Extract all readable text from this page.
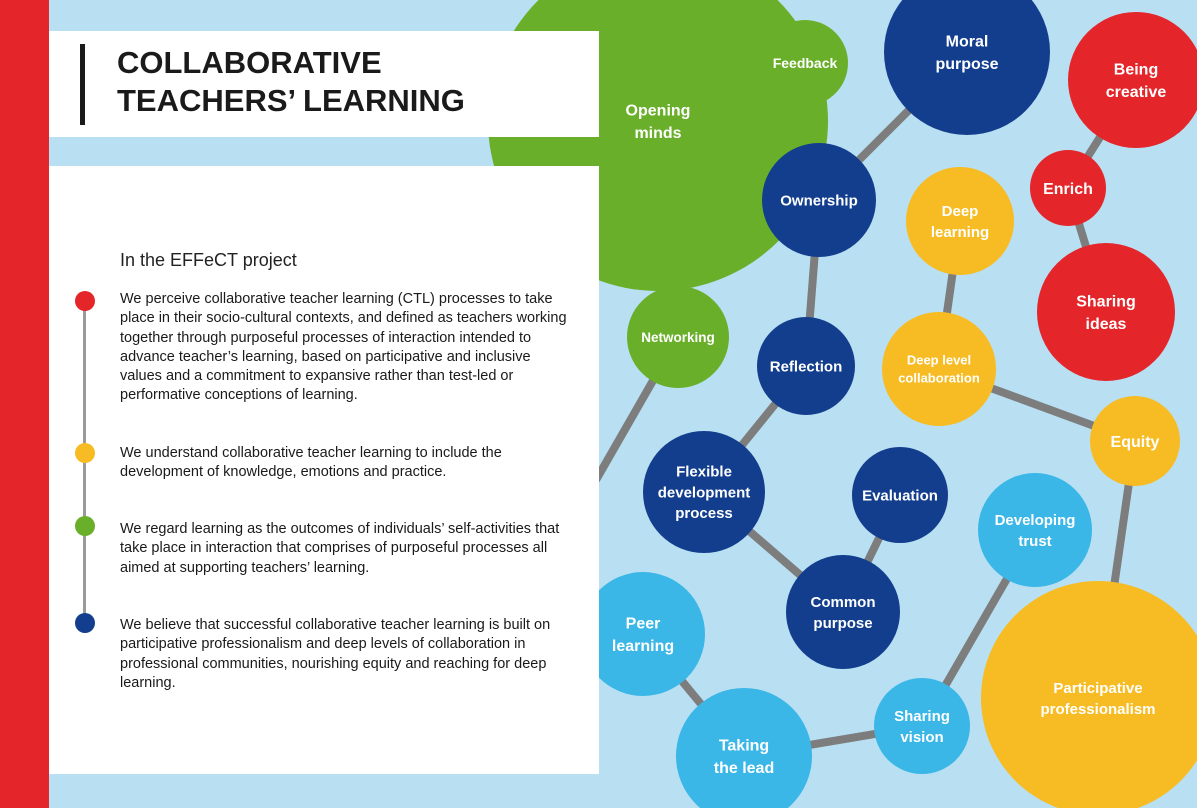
Opening
minds
Feedback
Moral
purpose	Being
creative
Enrich
Ownership
Deep
learning
Sharing
ideas
Networking
Reflection	Deep level
collaboration
Equity
Flexible
development
process
Evaluation
Developing
trust
Peer
learning
Common
purpose
Participative
professionalism
Sharing
vision
Taking
the lead
COLLABORATIVE
TEACHERS’ LEARNING
In the EFFeCT project
We perceive collaborative teacher learning (CTL) processes to take place in their socio-cultural contexts, and defined as teachers working together through purposeful processes of interaction intended to advance teacher’s learning, based on participative and inclusive values and a commitment to expansive rather than test-led or performative conceptions of learning.
We understand collaborative teacher learning to include the development of knowledge, emotions and practice.
We regard learning as the outcomes of individuals’ self-activities that take place in interaction that comprises of purposeful processes all aimed at supporting teachers’ learning.
We believe that successful collaborative teacher learning is built on participative professionalism and deep levels of collaboration in professional communities, nourishing equity and reaching for deep learning.
